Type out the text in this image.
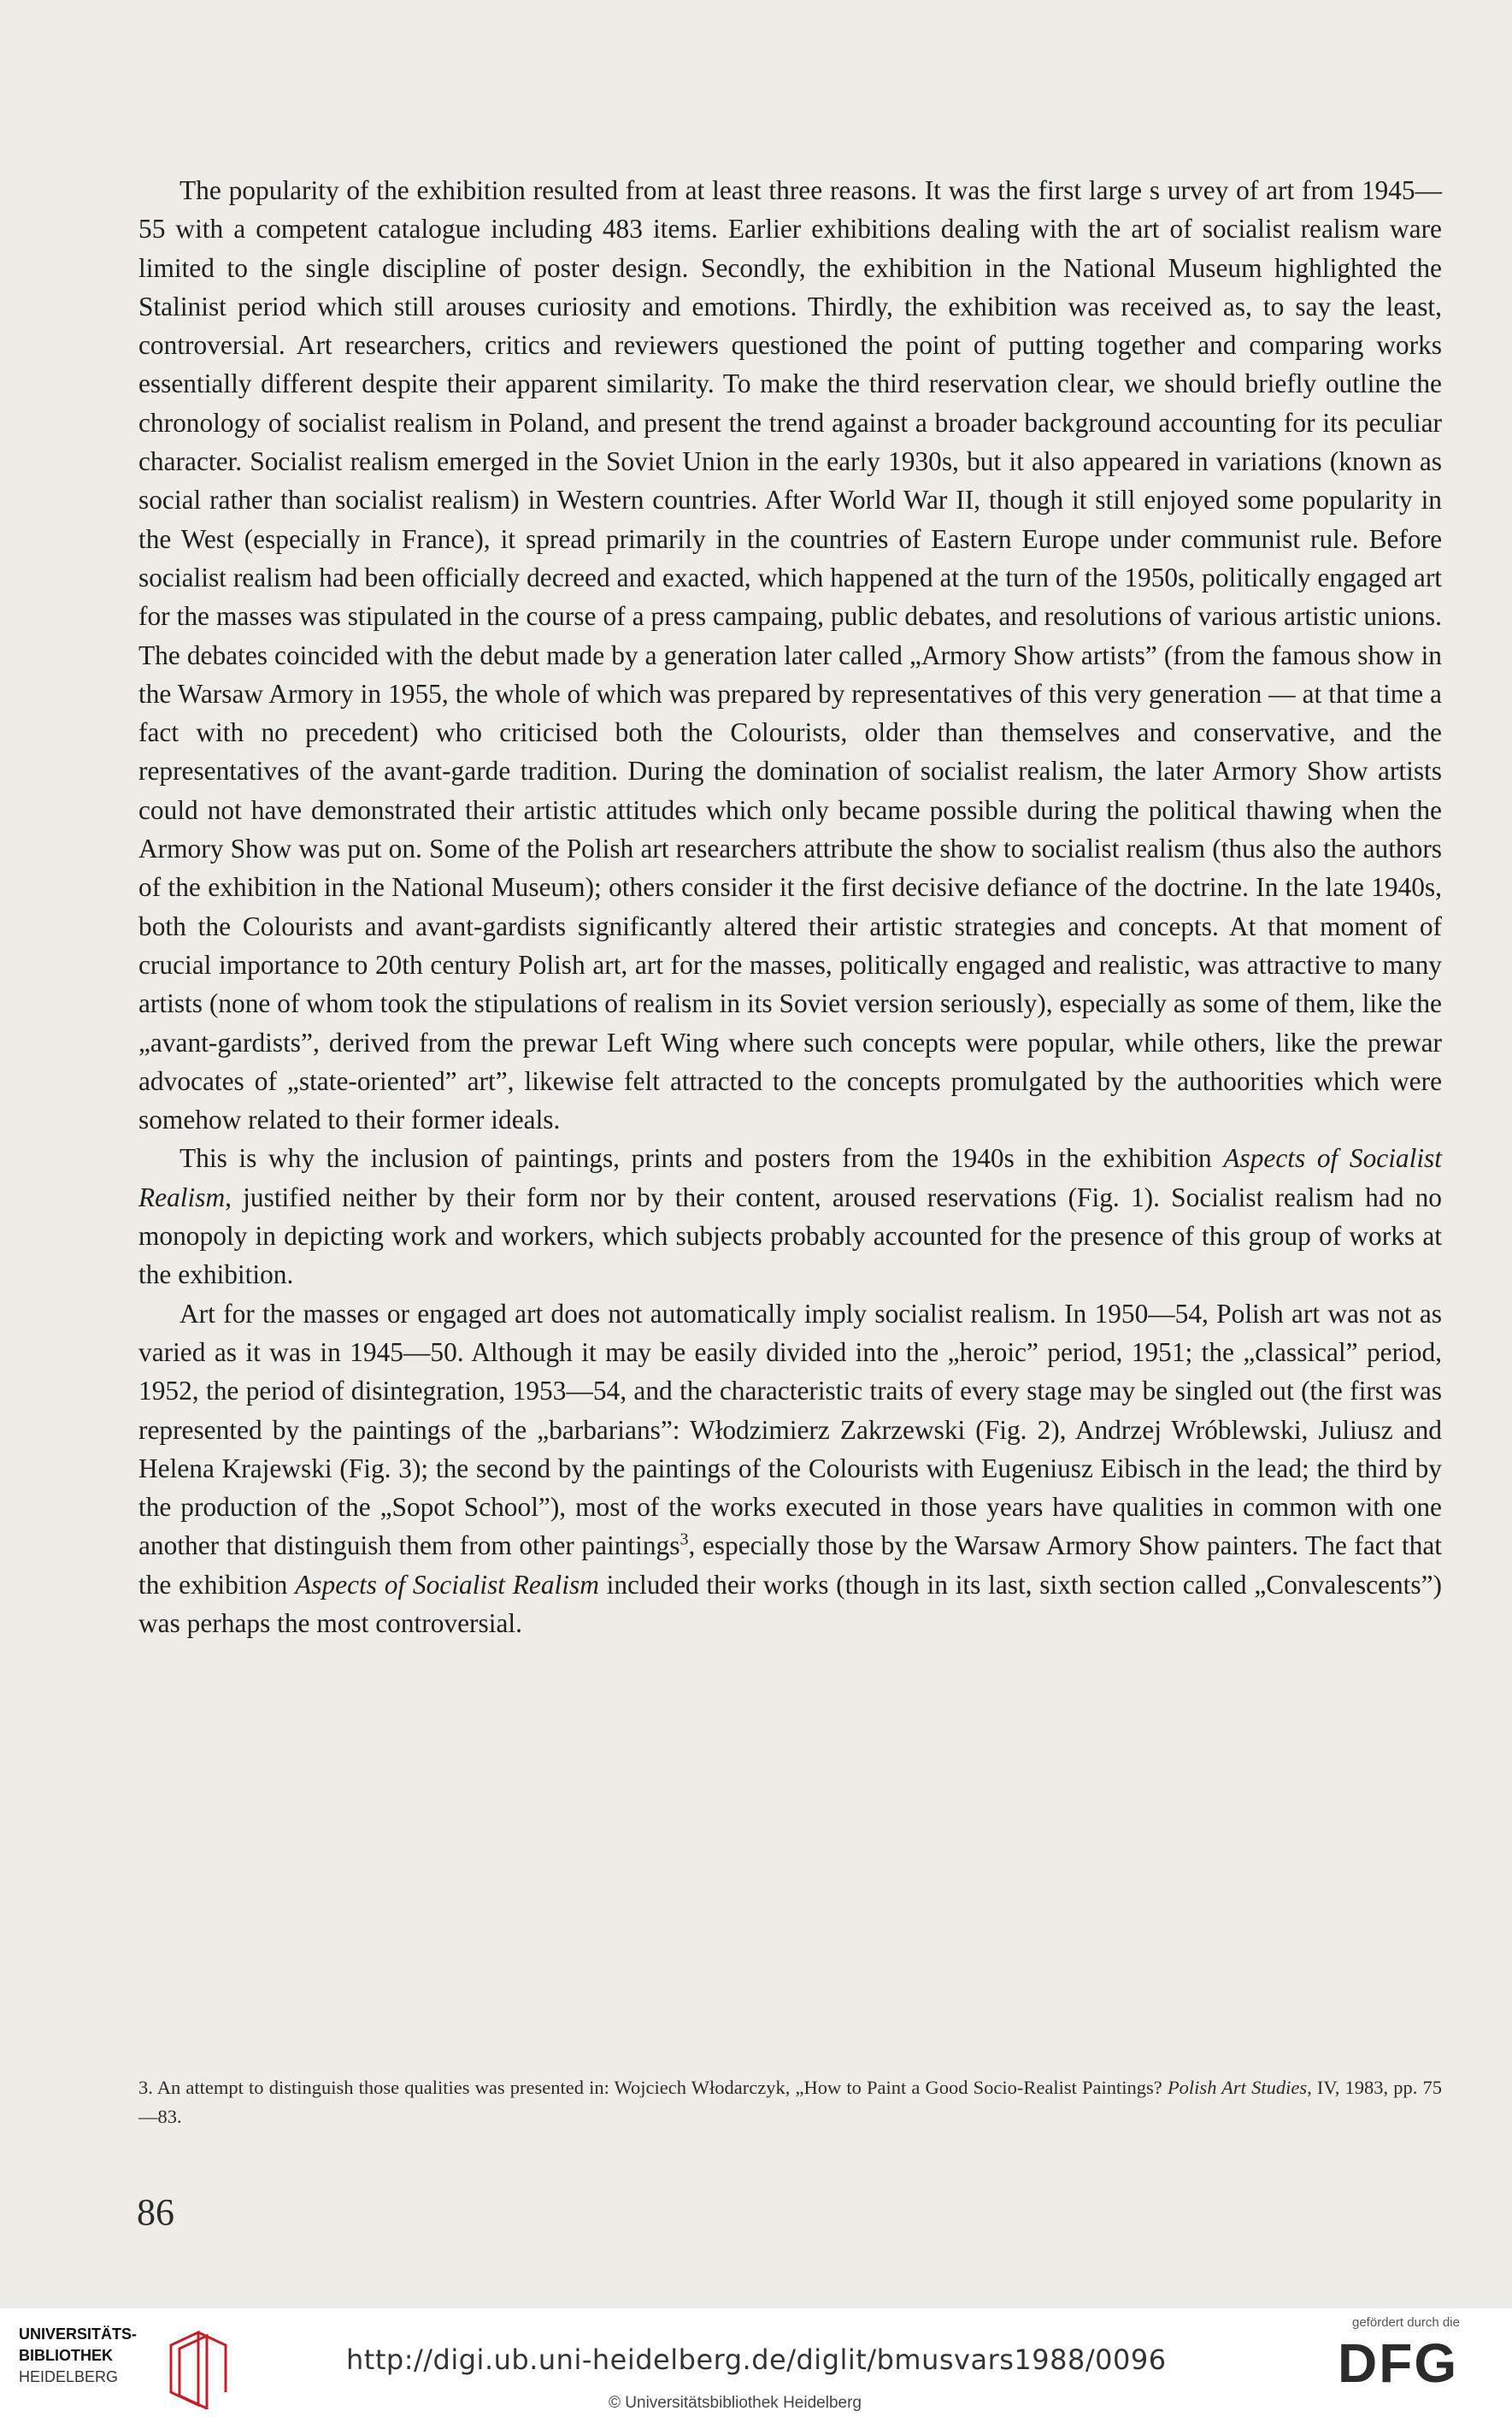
The popularity of the exhibition resulted from at least three reasons. It was the first large s urvey of art from 1945—55 with a competent catalogue including 483 items. Earlier exhibitions dealing with the art of socialist realism ware limited to the single discipline of poster design. Secondly, the exhibition in the National Museum highlighted the Stalinist period which still arouses curiosity and emotions. Thirdly, the exhibition was received as, to say the least, controversial. Art researchers, critics and reviewers questioned the point of putting together and comparing works essentially different despite their apparent similarity. To make the third reservation clear, we should briefly outline the chronology of socialist realism in Poland, and present the trend against a broader background accounting for its peculiar character. Socialist realism emerged in the Soviet Union in the early 1930s, but it also appeared in variations (known as social rather than socialist realism) in Western countries. After World War II, though it still enjoyed some popularity in the West (especially in France), it spread primarily in the countries of Eastern Europe under communist rule. Before socialist realism had been officially decreed and exacted, which happened at the turn of the 1950s, politically engaged art for the masses was stipulated in the course of a press campaing, public debates, and resolutions of various artistic unions. The debates coincided with the debut made by a generation later called „Armory Show artists” (from the famous show in the Warsaw Armory in 1955, the whole of which was prepared by representatives of this very generation — at that time a fact with no precedent) who criticised both the Colourists, older than themselves and conservative, and the representatives of the avant-garde tradition. During the domination of socialist realism, the later Armory Show artists could not have demonstrated their artistic attitudes which only became possible during the political thawing when the Armory Show was put on. Some of the Polish art researchers attribute the show to socialist realism (thus also the authors of the exhibition in the National Museum); others consider it the first decisive defiance of the doctrine. In the late 1940s, both the Colourists and avant-gardists significantly altered their artistic strategies and concepts. At that moment of crucial importance to 20th century Polish art, art for the masses, politically engaged and realistic, was attractive to many artists (none of whom took the stipulations of realism in its Soviet version seriously), especially as some of them, like the „avant-gardists”, derived from the prewar Left Wing where such concepts were popular, while others, like the prewar advocates of „state-oriented” art”, likewise felt attracted to the concepts promulgated by the authoorities which were somehow related to their former ideals.

This is why the inclusion of paintings, prints and posters from the 1940s in the exhibition Aspects of Socialist Realism, justified neither by their form nor by their content, aroused reservations (Fig. 1). Socialist realism had no monopoly in depicting work and workers, which subjects probably accounted for the presence of this group of works at the exhibition.

Art for the masses or engaged art does not automatically imply socialist realism. In 1950—54, Polish art was not as varied as it was in 1945—50. Although it may be easily divided into the „heroic” period, 1951; the „classical” period, 1952, the period of disintegration, 1953—54, and the characteristic traits of every stage may be singled out (the first was represented by the paintings of the „barbarians”: Włodzimierz Zakrzewski (Fig. 2), Andrzej Wróblewski, Juliusz and Helena Krajewski (Fig. 3); the second by the paintings of the Colourists with Eugeniusz Eibisch in the lead; the third by the production of the „Sopot School”), most of the works executed in those years have qualities in common with one another that distinguish them from other paintings$^3$, especially those by the Warsaw Armory Show painters. The fact that the exhibition Aspects of Socialist Realism included their works (though in its last, sixth section called „Convalescents”) was perhaps the most controversial.

3. An attempt to distinguish those qualities was presented in: Wojciech Włodarczyk, „How to Paint a Good Socio-Realist Paintings? Polish Art Studies, IV, 1983, pp. 75—83.

86
UNIVERSITÄTS-
BIBLIOTHEK
HEIDELBERG
http://digi.ub.uni-heidelberg.de/diglit/bmusvars1988/0096
© Universitätsbibliothek Heidelberg
gefördert durch die
DFG
